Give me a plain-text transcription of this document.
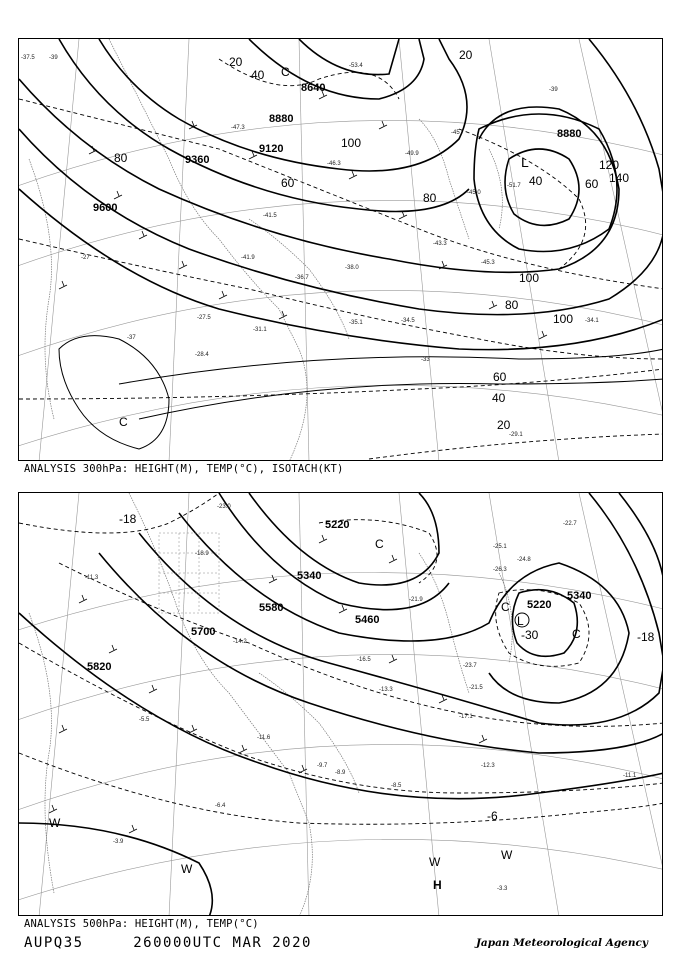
8880
9120
9360
9600
8880
8640
80
60
40
20
100
120
140
80
100
60
40
20
100
40
80
60
20
L
C
C
-45.0
-47.3
-51.7
-49.9
-41.5
-39
-41.9
-27
-27.5
-31.1
-28.4
-34.5
-35.1
-43.3
-53.4
-46.3
-37.5
-29.1
-38.0
-45.3
-34.1
-33
-45
-39
-36.7
-37
ANALYSIS 300hPa: HEIGHT(M), TEMP(°C), ISOTACH(KT)
5220
5340
5460
5580
5700
5820
5220
5340
-18
-30	-18
-6
L
C
C
C
W	W
W
H
W
-23.0
-18.9
-21.9
-26.3
-25.1
-22.7
-11.3
-14.2
-11.6
-8.5
-12.3
-11.1
-6.4
-3.9
-3.3
-16.5
-21.5
-5.5
-9.7
-8.9
-24.8
-17.1
-23.7
-13.3
ANALYSIS 500hPa: HEIGHT(M), TEMP(°C)
AUPQ35	260000UTC MAR 2020	Japan Meteorological Agency
